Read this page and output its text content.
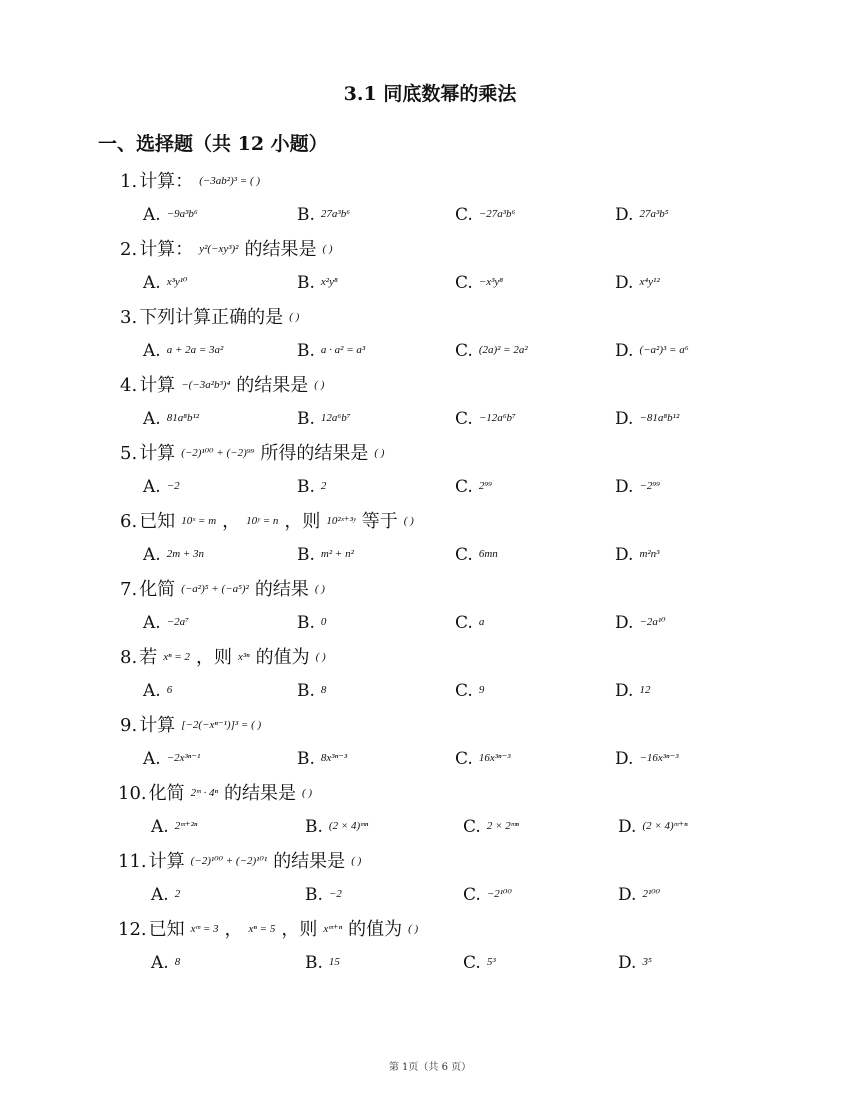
3.1 同底数幂的乘法
一、选择题（共 12 小题）
1. 计算： (−3ab²)³ = ( )
A. −9a³b⁶	B. 27a³b⁶	C. −27a³b⁶	D. 27a³b⁵
2. 计算： y²(−xy³)² 的结果是 ( )
A. x³y¹⁰	B. x²y⁸	C. −x³y⁸	D. x⁴y¹²
3. 下列计算正确的是 ( )
A. a + 2a = 3a²	B. a · a² = a³	C. (2a)² = 2a²	D. (−a²)³ = a⁶
4. 计算 −(−3a²b³)⁴ 的结果是 ( )
A. 81a⁸b¹²	B. 12a⁶b⁷	C. −12a⁶b⁷	D. −81a⁸b¹²
5. 计算 (−2)¹⁰⁰ + (−2)⁹⁹ 所得的结果是 ( )
A. −2	B. 2	C. 2⁹⁹	D. −2⁹⁹
6. 已知 10ˣ = m ， 10ʸ = n ，则 10²ˣ⁺³ʸ 等于 ( )
A. 2m + 3n	B. m² + n²	C. 6mn	D. m²n³
7. 化简 (−a²)⁵ + (−a⁵)² 的结果 ( )
A. −2a⁷	B. 0	C. a	D. −2a¹⁰
8. 若 xⁿ = 2 ，则 x³ⁿ 的值为 ( )
A. 6	B. 8	C. 9	D. 12
9. 计算 [−2(−xⁿ⁻¹)]³ = ( )
A. −2x³ⁿ⁻¹	B. 8x³ⁿ⁻³	C. 16x³ⁿ⁻³	D. −16x³ⁿ⁻³
10. 化简 2ᵐ · 4ⁿ 的结果是 ( )
A. 2ᵐ⁺²ⁿ	B. (2 × 4)ᵐⁿ	C. 2 × 2ᵐⁿ	D. (2 × 4)ᵐ⁺ⁿ
11. 计算 (−2)¹⁰⁰ + (−2)¹⁰¹ 的结果是 ( )
A. 2	B. −2	C. −2¹⁰⁰	D. 2¹⁰⁰
12. 已知 xᵐ = 3 ， xⁿ = 5 ，则 xᵐ⁺ⁿ 的值为 ( )
A. 8	B. 15	C. 5³	D. 3⁵
第 1页（共 6 页）
